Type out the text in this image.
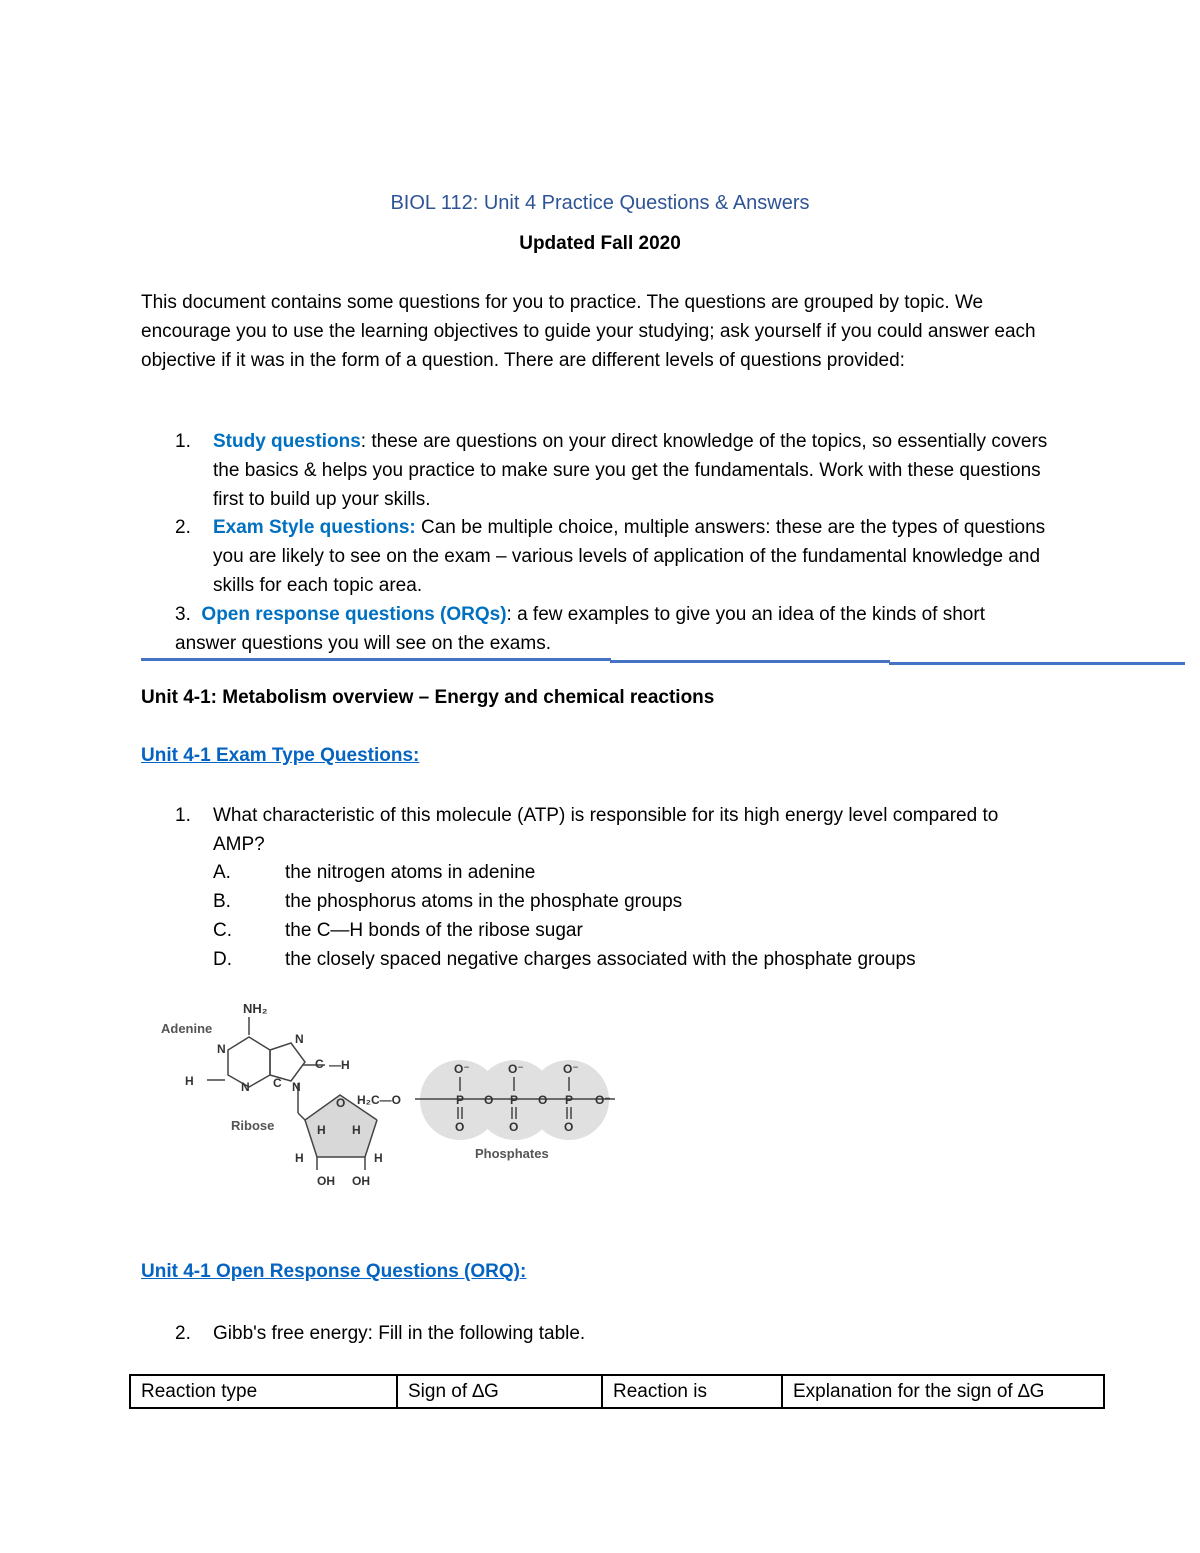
BIOL 112: Unit 4 Practice Questions & Answers
Updated Fall 2020

This document contains some questions for you to practice. The questions are grouped by topic. We encourage you to use the learning objectives to guide your studying; ask yourself if you could answer each objective if it was in the form of a question. There are different levels of questions provided:

1. Study questions: these are questions on your direct knowledge of the topics, so essentially covers the basics & helps you practice to make sure you get the fundamentals. Work with these questions first to build up your skills.
2. Exam Style questions: Can be multiple choice, multiple answers: these are the types of questions you are likely to see on the exam – various levels of application of the fundamental knowledge and skills for each topic area.
3. Open response questions (ORQs): a few examples to give you an idea of the kinds of short answer questions you will see on the exams.
Unit 4-1: Metabolism overview – Energy and chemical reactions
Unit 4-1 Exam Type Questions:
1. What characteristic of this molecule (ATP) is responsible for its high energy level compared to AMP?
A.	the nitrogen atoms in adenine
B.	the phosphorus atoms in the phosphate groups
C.	the C—H bonds of the ribose sugar
D.	the closely spaced negative charges associated with the phosphate groups
Adenine
Ribose
Phosphates
NH₂
N
N
C —H
H	N C N
O
H H
H	H
OH OH
H₂C—O
O⁻
P
O
O
O⁻
P
O
O
O⁻
P
O
O⁻
Unit 4-1 Open Response Questions (ORQ):
2. Gibb's free energy: Fill in the following table.
Reaction type	Sign of ∆G	Reaction is	Explanation for the sign of ∆G
